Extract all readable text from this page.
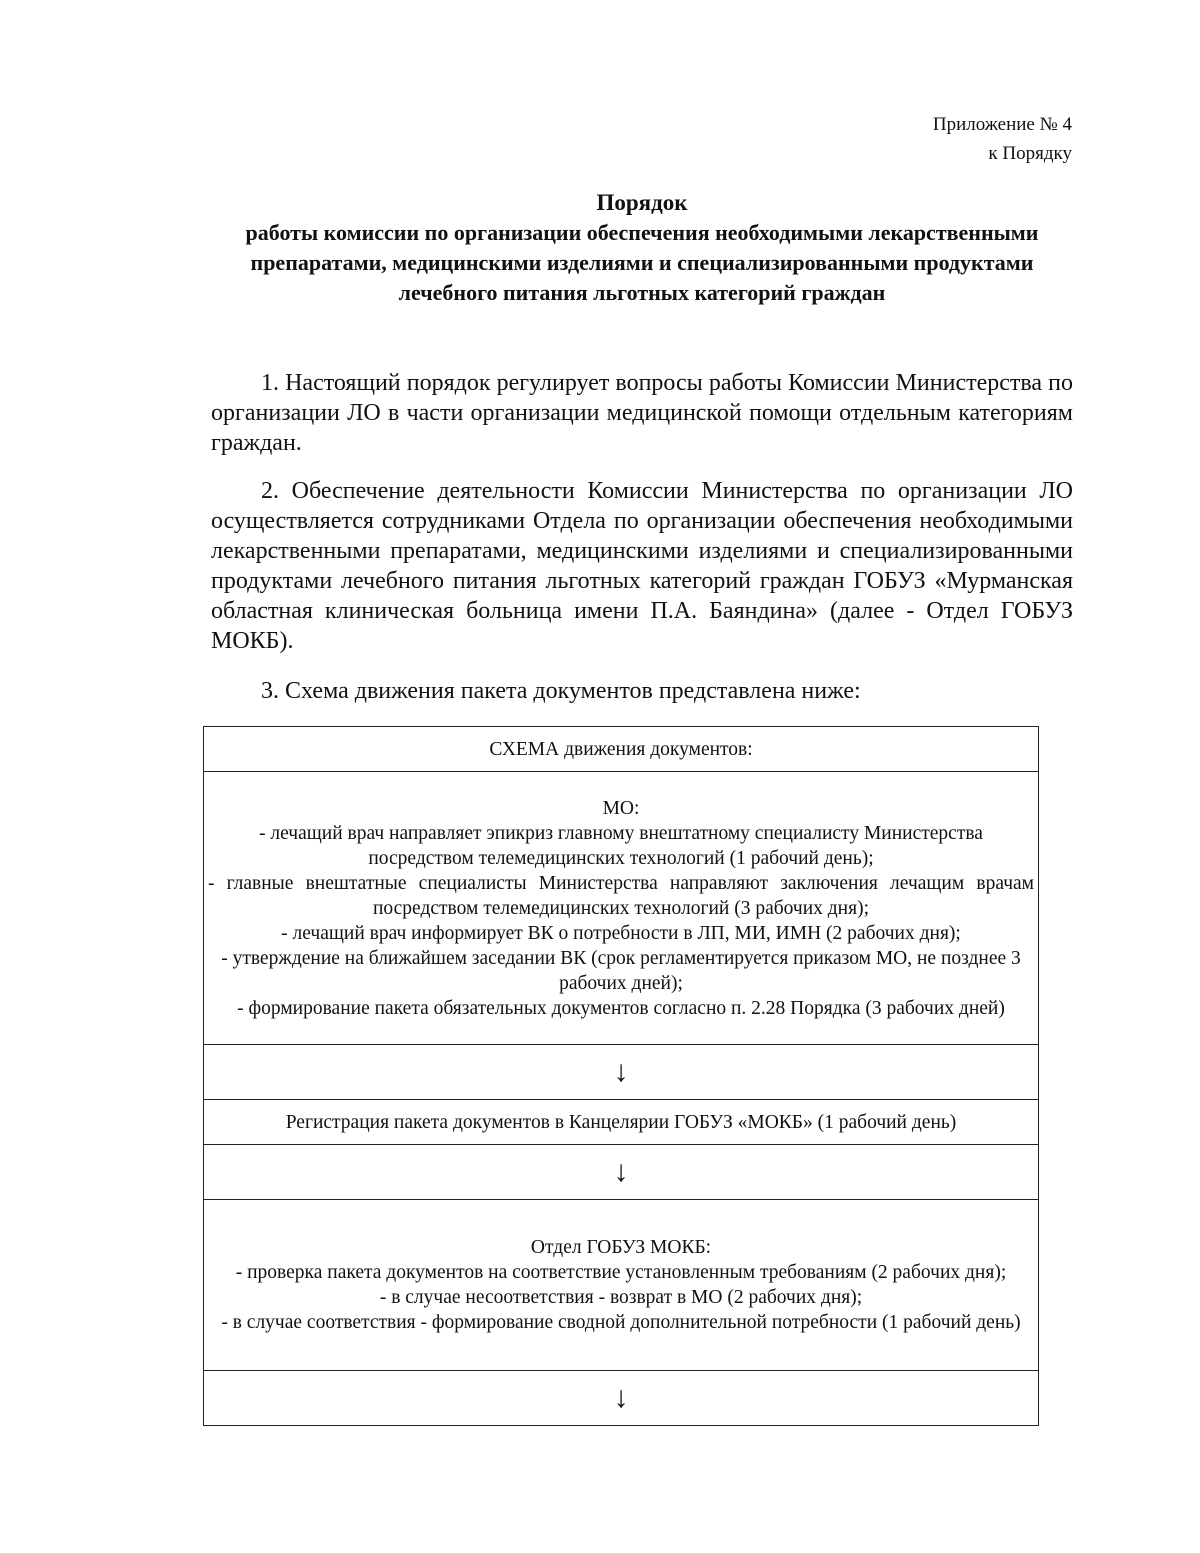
Приложение № 4
к Порядку
Порядок
работы комиссии по организации обеспечения необходимыми лекарственными препаратами, медицинскими изделиями и специализированными продуктами лечебного питания льготных категорий граждан
1. Настоящий порядок регулирует вопросы работы Комиссии Министерства по организации ЛО в части организации медицинской помощи отдельным категориям граждан.
2. Обеспечение деятельности Комиссии Министерства по организации ЛО осуществляется сотрудниками Отдела по организации обеспечения необходимыми лекарственными препаратами, медицинскими изделиями и специализированными продуктами лечебного питания льготных категорий граждан ГОБУЗ «Мурманская областная клиническая больница имени П.А. Баяндина» (далее - Отдел ГОБУЗ МОКБ).
3. Схема движения пакета документов представлена ниже:
СХЕМА движения документов:

МО:
- лечащий врач направляет эпикриз главному внештатному специалисту Министерства посредством телемедицинских технологий (1 рабочий день);
- главные внештатные специалисты Министерства направляют заключения лечащим врачам посредством телемедицинских технологий (3 рабочих дня);
- лечащий врач информирует ВК о потребности в ЛП, МИ, ИМН (2 рабочих дня);
- утверждение на ближайшем заседании ВК (срок регламентируется приказом МО, не позднее 3 рабочих дней);
- формирование пакета обязательных документов согласно п. 2.28 Порядка (3 рабочих дней)

↓
Регистрация пакета документов в Канцелярии ГОБУЗ «МОКБ» (1 рабочий день)
↓

Отдел ГОБУЗ МОКБ:
- проверка пакета документов на соответствие установленным требованиям (2 рабочих дня);
- в случае несоответствия - возврат в МО (2 рабочих дня);
- в случае соответствия - формирование сводной дополнительной потребности (1 рабочий день)

↓
